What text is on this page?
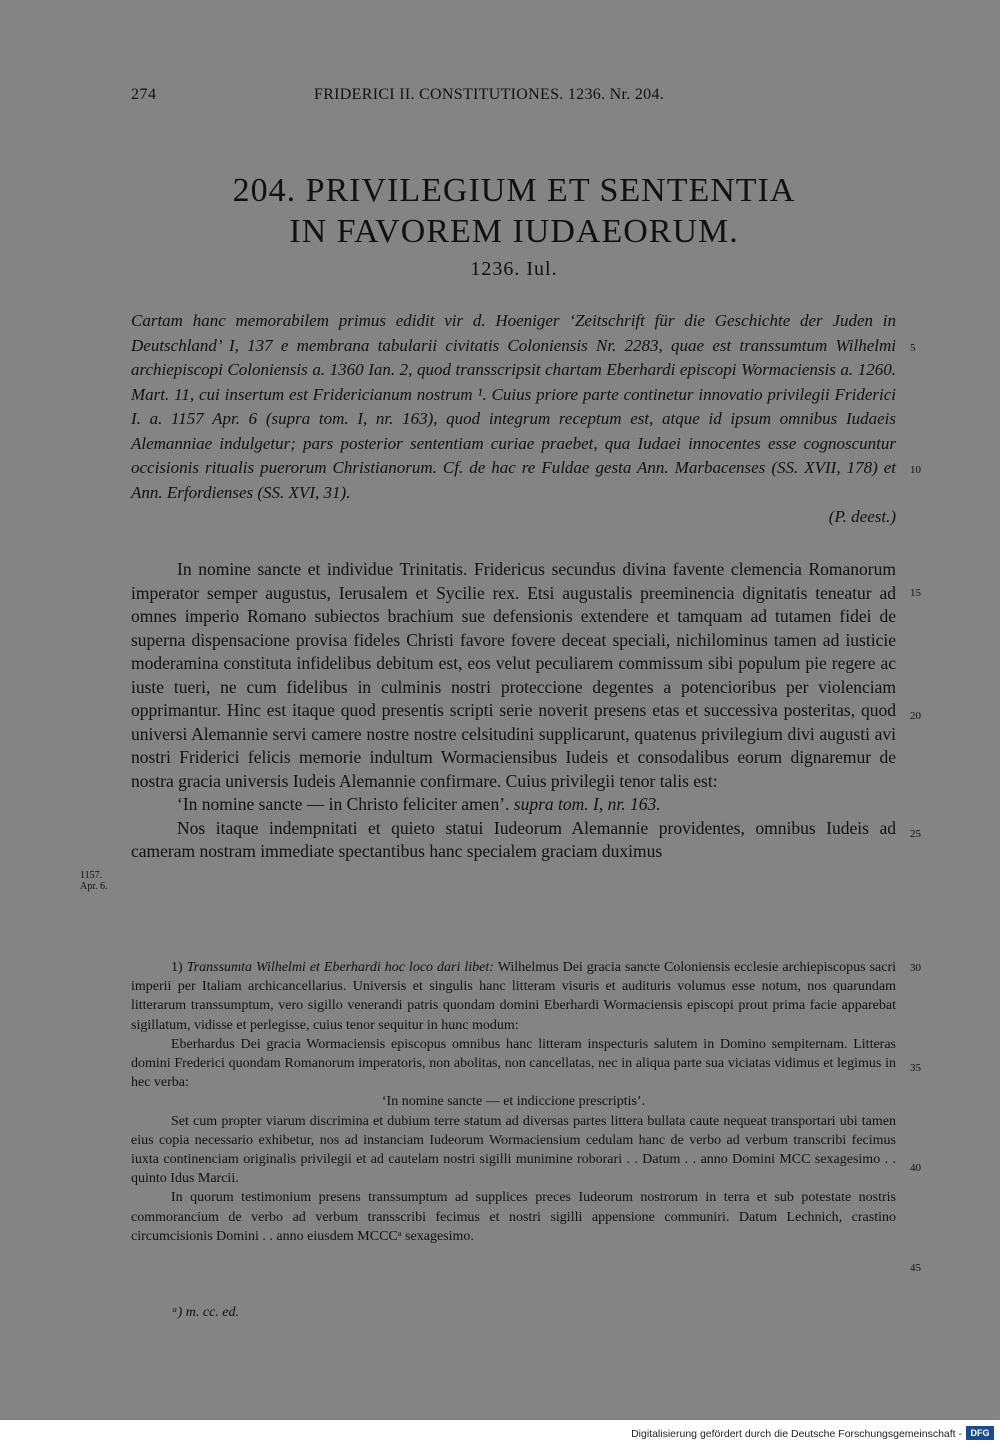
274	FRIDERICI II. CONSTITUTIONES. 1236. Nr. 204.
204. PRIVILEGIUM ET SENTENTIA
IN FAVOREM IUDAEORUM.
1236. Iul.
Cartam hanc memorabilem primus edidit vir d. Hoeniger ‘Zeitschrift für die Geschichte der Juden in Deutschland’ I, 137 e membrana tabularii civitatis Coloniensis Nr. 2283, quae est transsumtum Wilhelmi archiepiscopi Coloniensis a. 1360 Ian. 2, quod transscripsit chartam Eberhardi episcopi Wormaciensis a. 1260. Mart. 11, cui insertum est Fridericianum nostrum ¹. Cuius priore parte continetur innovatio privilegii Friderici I. a. 1157 Apr. 6 (supra tom. I, nr. 163), quod integrum receptum est, atque id ipsum omnibus Iudaeis Alemanniae indulgetur; pars posterior sententiam curiae praebet, qua Iudaei innocentes esse cognoscuntur occisionis ritualis puerorum Christianorum. Cf. de hac re Fuldae gesta Ann. Marbacenses (SS. XVII, 178) et Ann. Erfordienses (SS. XVI, 31).
(P. deest.)

In nomine sancte et individue Trinitatis. Fridericus secundus divina favente clemencia Romanorum imperator semper augustus, Ierusalem et Sycilie rex. Etsi augustalis preeminencia dignitatis teneatur ad omnes imperio Romano subiectos brachium sue defensionis extendere et tamquam ad tutamen fidei de superna dispensacione provisa fideles Christi favore fovere deceat speciali, nichilominus tamen ad iusticie moderamina constituta infidelibus debitum est, eos velut peculiarem commissum sibi populum pie regere ac iuste tueri, ne cum fidelibus in culminis nostri proteccione degentes a potencioribus per violenciam opprimantur. Hinc est itaque quod presentis scripti serie noverit presens etas et successiva posteritas, quod universi Alemannie servi camere nostre nostre celsitudini supplicarunt, quatenus privilegium divi augusti avi nostri Friderici felicis memorie indultum Wormaciensibus Iudeis et consodalibus eorum dignaremur de nostra gracia universis Iudeis Alemannie confirmare. Cuius privilegii tenor talis est:

‘In nomine sancte — in Christo feliciter amen’. supra tom. I, nr. 163.

Nos itaque indempnitati et quieto statui Iudeorum Alemannie providentes, omnibus Iudeis ad cameram nostram immediate spectantibus hanc specialem graciam duximus

1157.
Apr. 6.
5
10
15
20
25
30
35
40
45

1) Transsumta Wilhelmi et Eberhardi hoc loco dari libet: Wilhelmus Dei gracia sancte Coloniensis ecclesie archiepiscopus sacri imperii per Italiam archicancellarius. Universis et singulis hanc litteram visuris et audituris volumus esse notum, nos quarundam litterarum transsumptum, vero sigillo venerandi patris quondam domini Eberhardi Wormaciensis episcopi prout prima facie apparebat sigillatum, vidisse et perlegisse, cuius tenor sequitur in hunc modum:

Eberhardus Dei gracia Wormaciensis episcopus omnibus hanc litteram inspecturis salutem in Domino sempiternam. Litteras domini Frederici quondam Romanorum imperatoris, non abolitas, non cancellatas, nec in aliqua parte sua viciatas vidimus et legimus in hec verba:

‘In nomine sancte — et indiccione prescriptis’.

Set cum propter viarum discrimina et dubium terre statum ad diversas partes littera bullata caute nequeat transportari ubi tamen eius copia necessario exhibetur, nos ad instanciam Iudeorum Wormaciensium cedulam hanc de verbo ad verbum transcribi fecimus iuxta continenciam originalis privilegii et ad cautelam nostri sigilli munimine roborari . . Datum . . anno Domini MCC sexagesimo . . quinto Idus Marcii.

In quorum testimonium presens transsumptum ad supplices preces Iudeorum nostrorum in terra et sub potestate nostris commorancium de verbo ad verbum transscribi fecimus et nostri sigilli appensione communiri. Datum Lechnich, crastino circumcisionis Domini . . anno eiusdem MCCCᵃ sexagesimo.

ᵃ) m. cc. ed.
Digitalisierung gefördert durch die Deutsche Forschungsgemeinschaft - DFG
